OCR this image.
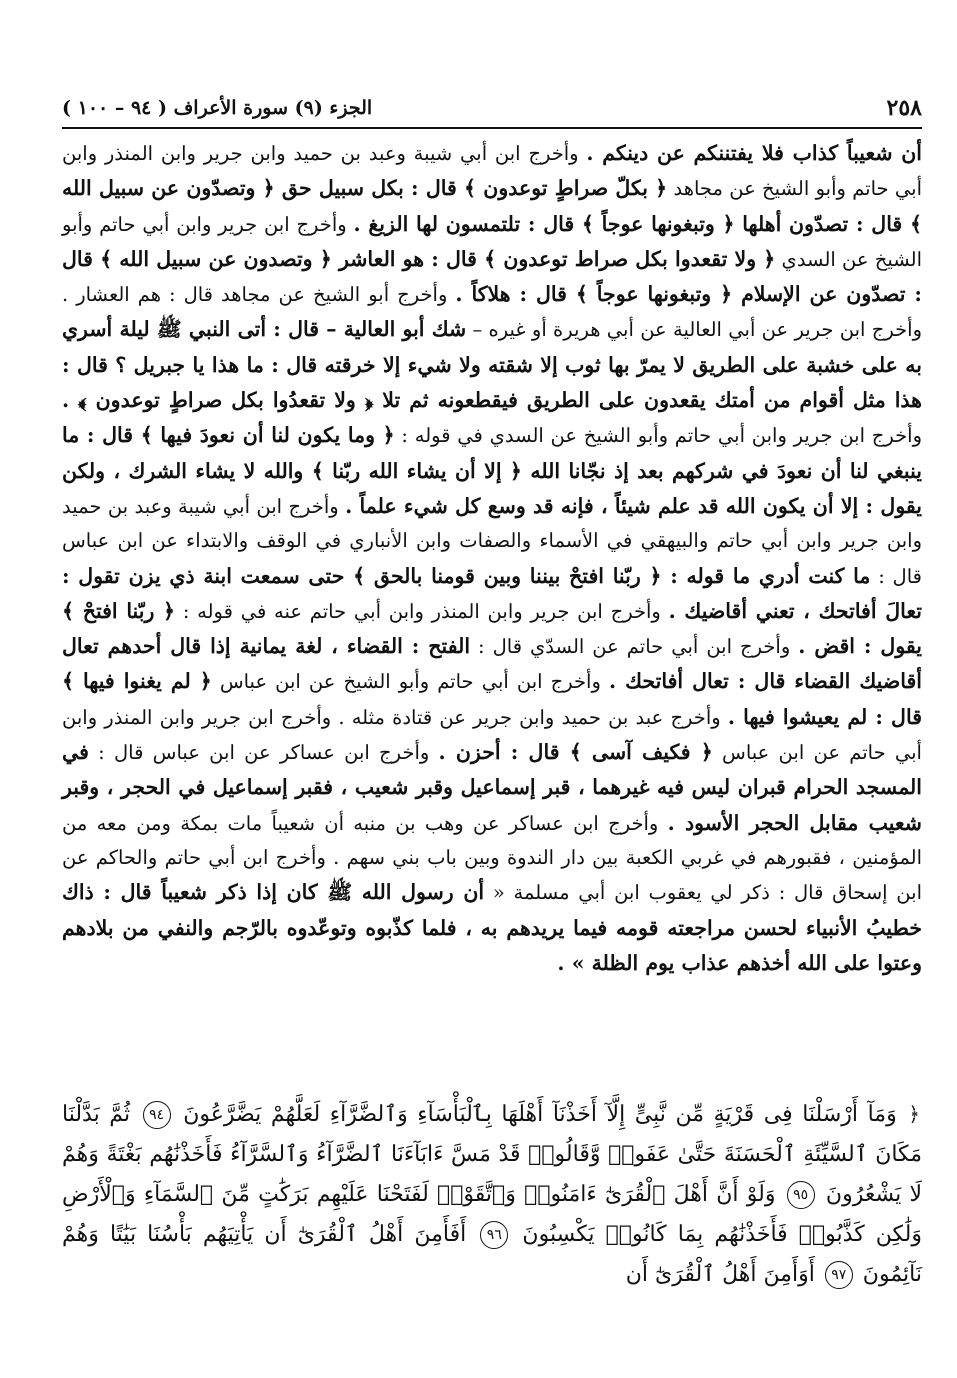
٢٥٨
الجزء (٩) سورة الأعراف ( ٩٤ – ١٠٠ )

أن شعيباً كذاب فلا يفتننكم عن دينكم . وأخرج ابن أبي شيبة وعبد بن حميد وابن جرير وابن المنذر وابن أبي حاتم وأبو الشيخ عن مجاهد ﴿ بكلّ صراطٍ توعدون ﴾ قال : بكل سبيل حق ﴿ وتصدّون عن سبيل الله ﴾ قال : تصدّون أهلها ﴿ وتبغونها عوجاً ﴾ قال : تلتمسون لها الزيغ . وأخرج ابن جرير وابن أبي حاتم وأبو الشيخ عن السدي ﴿ ولا تقعدوا بكل صراط توعدون ﴾ قال : هو العاشر ﴿ وتصدون عن سبيل الله ﴾ قال : تصدّون عن الإسلام ﴿ وتبغونها عوجاً ﴾ قال : هلاكاً . وأخرج أبو الشيخ عن مجاهد قال : هم العشار . وأخرج ابن جرير عن أبي العالية عن أبي هريرة أو غيره – شك أبو العالية – قال : أتى النبي ﷺ ليلة أسري به على خشبة على الطريق لا يمرّ بها ثوب إلا شقته ولا شيء إلا خرقته قال : ما هذا يا جبريل ؟ قال : هذا مثل أقوام من أمتك يقعدون على الطريق فيقطعونه ثم تلا ﴿ ولا تقعدُوا بكل صراطٍ توعدون ﴾ . وأخرج ابن جرير وابن أبي حاتم وأبو الشيخ عن السدي في قوله : ﴿ وما يكون لنا أن نعودَ فيها ﴾ قال : ما ينبغي لنا أن نعودَ في شركهم بعد إذ نجّانا الله ﴿ إلا أن يشاء الله ربّنا ﴾ والله لا يشاء الشرك ، ولكن يقول : إلا أن يكون الله قد علم شيئاً ، فإنه قد وسع كل شيء علماً . وأخرج ابن أبي شيبة وعبد بن حميد وابن جرير وابن أبي حاتم والبيهقي في الأسماء والصفات وابن الأنباري في الوقف والابتداء عن ابن عباس قال : ما كنت أدري ما قوله : ﴿ ربّنا افتحْ بيننا وبين قومنا بالحق ﴾ حتى سمعت ابنة ذي يزن تقول : تعالَ أفاتحك ، تعني أقاضيك . وأخرج ابن جرير وابن المنذر وابن أبي حاتم عنه في قوله : ﴿ ربّنا افتحْ ﴾ يقول : اقض . وأخرج ابن أبي حاتم عن السدّي قال : الفتح : القضاء ، لغة يمانية إذا قال أحدهم تعال أقاضيك القضاء قال : تعال أفاتحك . وأخرج ابن أبي حاتم وأبو الشيخ عن ابن عباس ﴿ لم يغنوا فيها ﴾ قال : لم يعيشوا فيها . وأخرج عبد بن حميد وابن جرير عن قتادة مثله . وأخرج ابن جرير وابن المنذر وابن أبي حاتم عن ابن عباس ﴿ فكيف آسى ﴾ قال : أحزن . وأخرج ابن عساكر عن ابن عباس قال : في المسجد الحرام قبران ليس فيه غيرهما ، قبر إسماعيل وقبر شعيب ، فقبر إسماعيل في الحجر ، وقبر شعيب مقابل الحجر الأسود . وأخرج ابن عساكر عن وهب بن منبه أن شعيباً مات بمكة ومن معه من المؤمنين ، فقبورهم في غربي الكعبة بين دار الندوة وبين باب بني سهم . وأخرج ابن أبي حاتم والحاكم عن ابن إسحاق قال : ذكر لي يعقوب ابن أبي مسلمة « أن رسول الله ﷺ كان إذا ذكر شعيباً قال : ذاك خطيبُ الأنبياء لحسن مراجعته قومه فيما يريدهم به ، فلما كذّبوه وتوعّدوه بالرّجم والنفي من بلادهم وعتوا على الله أخذهم عذاب يوم الظلة » .

﴿ وَمَآ أَرْسَلْنَا فِى قَرْيَةٍ مِّن نَّبِىٍّ إِلَّآ أَخَذْنَآ أَهْلَهَا بِٱلْبَأْسَآءِ وَٱلضَّرَّآءِ لَعَلَّهُمْ يَضَّرَّعُونَ ٩٤ ثُمَّ بَدَّلْنَا مَكَانَ ٱلسَّيِّئَةِ ٱلْحَسَنَةَ حَتَّىٰ عَفَوا۟ وَّقَالُوا۟ قَدْ مَسَّ ءَابَآءَنَا ٱلضَّرَّآءُ وَٱلسَّرَّآءُ فَأَخَذْنَٰهُم بَغْتَةً وَهُمْ لَا يَشْعُرُونَ ٩٥ وَلَوْ أَنَّ أَهْلَ ٱلْقُرَىٰٓ ءَامَنُوا۟ وَٱتَّقَوْا۟ لَفَتَحْنَا عَلَيْهِم بَرَكَٰتٍ مِّنَ ٱلسَّمَآءِ وَٱلْأَرْضِ وَلَٰكِن كَذَّبُوا۟ فَأَخَذْنَٰهُم بِمَا كَانُوا۟ يَكْسِبُونَ ٩٦ أَفَأَمِنَ أَهْلُ ٱلْقُرَىٰٓ أَن يَأْتِيَهُم بَأْسُنَا بَيَٰتًا وَهُمْ نَآئِمُونَ ٩٧ أَوَأَمِنَ أَهْلُ ٱلْقُرَىٰٓ أَن
